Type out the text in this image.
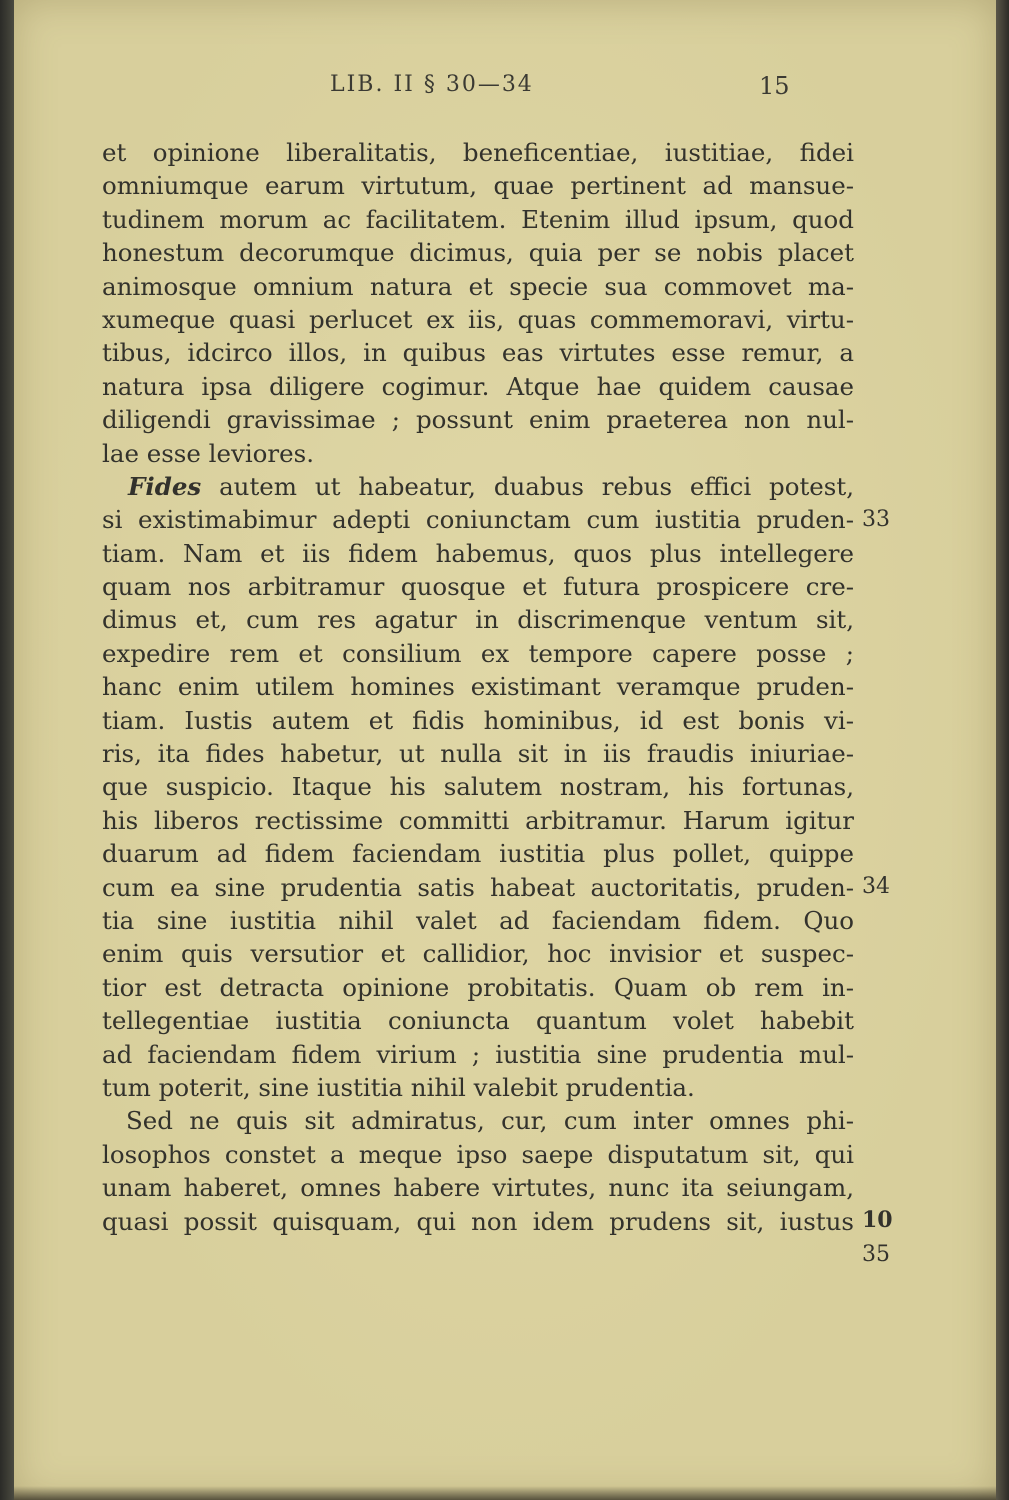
LIB. II § 30—34	15
et opinione liberalitatis, beneficentiae, iustitiae, fidei
omniumque earum virtutum, quae pertinent ad mansue-
tudinem morum ac facilitatem. Etenim illud ipsum, quod
honestum decorumque dicimus, quia per se nobis placet
animosque omnium natura et specie sua commovet ma-
xumeque quasi perlucet ex iis, quas commemoravi, virtu-
tibus, idcirco illos, in quibus eas virtutes esse remur, a
natura ipsa diligere cogimur. Atque hae quidem causae
diligendi gravissimae ; possunt enim praeterea non nul-
lae esse leviores.
Fides autem ut habeatur, duabus rebus effici potest,
si existimabimur adepti coniunctam cum iustitia pruden-
tiam. Nam et iis fidem habemus, quos plus intellegere
quam nos arbitramur quosque et futura prospicere cre-
dimus et, cum res agatur in discrimenque ventum sit,
expedire rem et consilium ex tempore capere posse ;
hanc enim utilem homines existimant veramque pruden-
tiam. Iustis autem et fidis hominibus, id est bonis vi-
ris, ita fides habetur, ut nulla sit in iis fraudis iniuriae-
que suspicio. Itaque his salutem nostram, his fortunas,
his liberos rectissime committi arbitramur. Harum igitur
duarum ad fidem faciendam iustitia plus pollet, quippe
cum ea sine prudentia satis habeat auctoritatis, pruden-
tia sine iustitia nihil valet ad faciendam fidem. Quo
enim quis versutior et callidior, hoc invisior et suspec-
tior est detracta opinione probitatis. Quam ob rem in-
tellegentiae iustitia coniuncta quantum volet habebit
ad faciendam fidem virium ; iustitia sine prudentia mul-
tum poterit, sine iustitia nihil valebit prudentia.
Sed ne quis sit admiratus, cur, cum inter omnes phi-
losophos constet a meque ipso saepe disputatum sit, qui
unam haberet, omnes habere virtutes, nunc ita seiungam,
quasi possit quisquam, qui non idem prudens sit, iustus
33
34
10
35
